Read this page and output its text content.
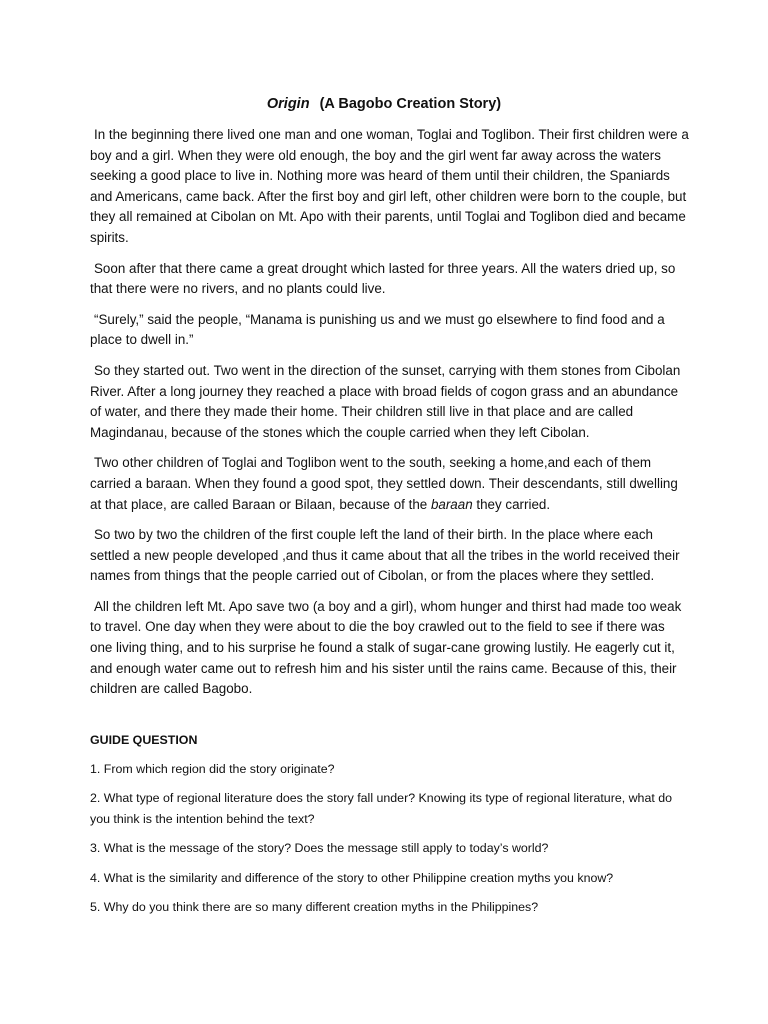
Origin (A Bagobo Creation Story)

In the beginning there lived one man and one woman, Toglai and Toglibon. Their first children were a boy and a girl. When they were old enough, the boy and the girl went far away across the waters seeking a good place to live in. Nothing more was heard of them until their children, the Spaniards and Americans, came back. After the first boy and girl left, other children were born to the couple, but they all remained at Cibolan on Mt. Apo with their parents, until Toglai and Toglibon died and became spirits.

Soon after that there came a great drought which lasted for three years. All the waters dried up, so that there were no rivers, and no plants could live.

“Surely,” said the people, “Manama is punishing us and we must go elsewhere to find food and a place to dwell in.”

So they started out. Two went in the direction of the sunset, carrying with them stones from Cibolan River. After a long journey they reached a place with broad fields of cogon grass and an abundance of water, and there they made their home. Their children still live in that place and are called Magindanau, because of the stones which the couple carried when they left Cibolan.

Two other children of Toglai and Toglibon went to the south, seeking a home,and each of them carried a baraan. When they found a good spot, they settled down. Their descendants, still dwelling at that place, are called Baraan or Bilaan, because of the baraan they carried.

So two by two the children of the first couple left the land of their birth. In the place where each settled a new people developed ,and thus it came about that all the tribes in the world received their names from things that the people carried out of Cibolan, or from the places where they settled.

All the children left Mt. Apo save two (a boy and a girl), whom hunger and thirst had made too weak to travel. One day when they were about to die the boy crawled out to the field to see if there was one living thing, and to his surprise he found a stalk of sugar-cane growing lustily. He eagerly cut it, and enough water came out to refresh him and his sister until the rains came. Because of this, their children are called Bagobo.

GUIDE QUESTION
1. From which region did the story originate?
2. What type of regional literature does the story fall under? Knowing its type of regional literature, what do you think is the intention behind the text?
3. What is the message of the story? Does the message still apply to today’s world?
4. What is the similarity and difference of the story to other Philippine creation myths you know?
5. Why do you think there are so many different creation myths in the Philippines?
